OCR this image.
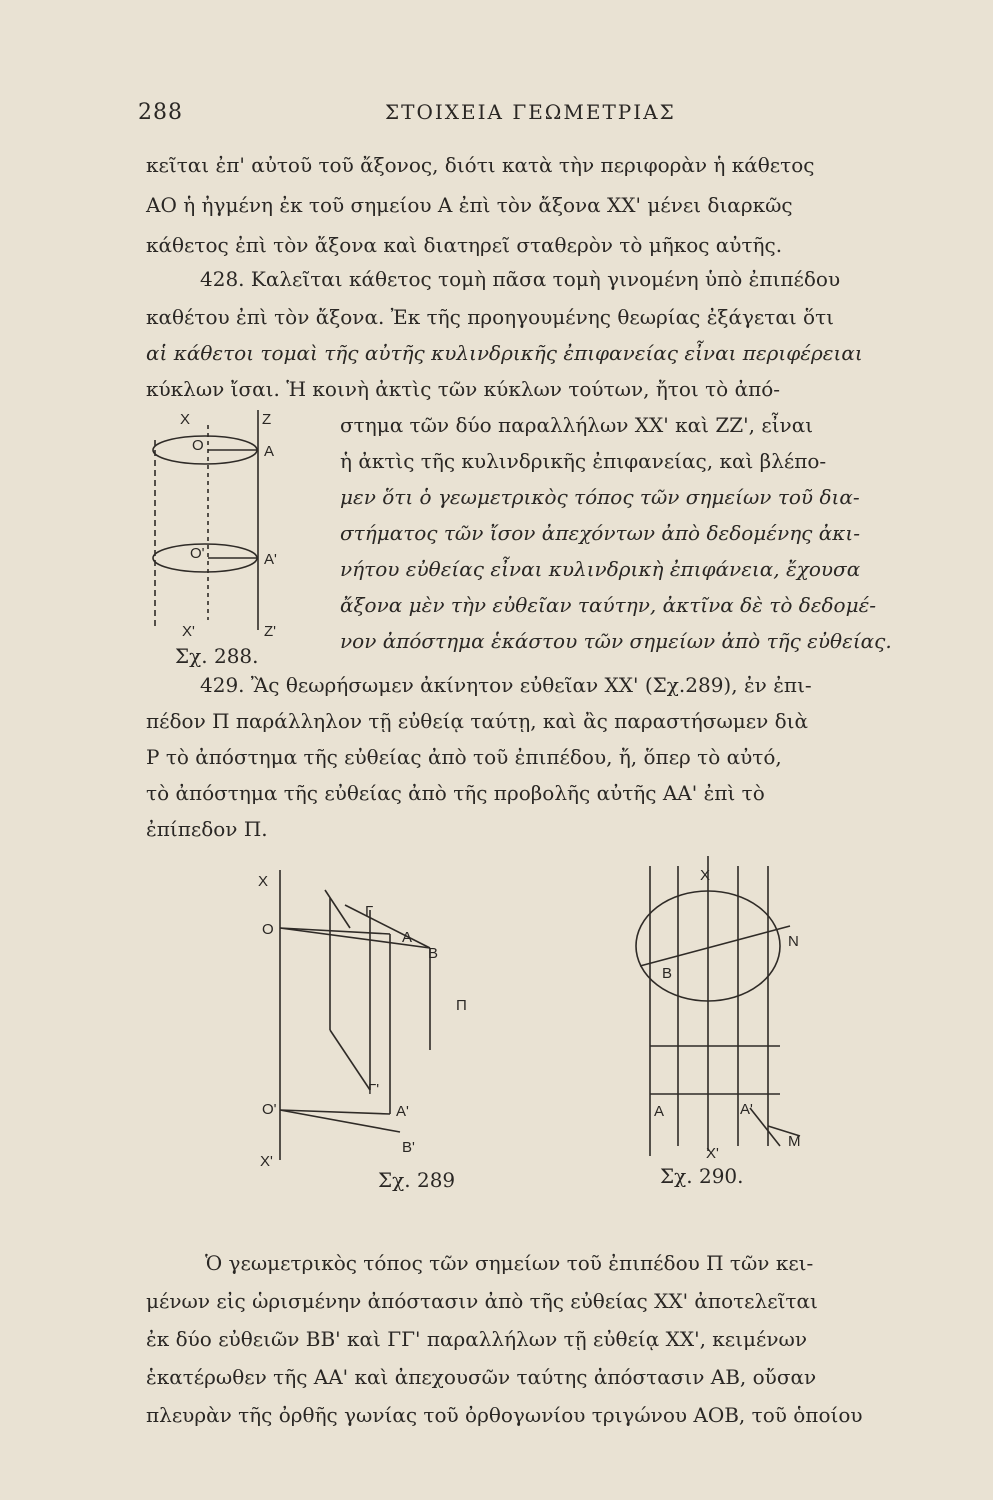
288	ΣΤΟΙΧΕΙΑ ΓΕΩΜΕΤΡΙΑΣ
κεῖται ἐπ' αὐτοῦ τοῦ ἄξονος, διότι κατὰ τὴν περιφορὰν ἡ κάθετος
ΑΟ ἡ ἠγμένη ἐκ τοῦ σημείου Α ἐπὶ τὸν ἄξονα ΧΧ' μένει διαρκῶς
κάθετος ἐπὶ τὸν ἄξονα καὶ διατηρεῖ σταθερὸν τὸ μῆκος αὐτῆς.
428. Καλεῖται κάθετος τομὴ πᾶσα τομὴ γινομένη ὑπὸ ἐπιπέδου
καθέτου ἐπὶ τὸν ἄξονα. Ἐκ τῆς προηγουμένης θεωρίας ἐξάγεται ὅτι
αἱ κάθετοι τομαὶ τῆς αὐτῆς κυλινδρικῆς ἐπιφανείας εἶναι περιφέρειαι
κύκλων ἴσαι. Ἡ κοινὴ ἀκτὶς τῶν κύκλων τούτων, ἤτοι τὸ ἀπό-
στημα τῶν δύο παραλλήλων ΧΧ' καὶ ΖΖ', εἶναι
ἡ ἀκτὶς τῆς κυλινδρικῆς ἐπιφανείας, καὶ βλέπο-
μεν ὅτι ὁ γεωμετρικὸς τόπος τῶν σημείων τοῦ δια-
στήματος τῶν ἴσον ἀπεχόντων ἀπὸ δεδομένης ἀκι-
νήτου εὐθείας εἶναι κυλινδρικὴ ἐπιφάνεια, ἔχουσα
ἄξονα μὲν τὴν εὐθεῖαν ταύτην, ἀκτῖνα δὲ τὸ δεδομέ-
νον ἀπόστημα ἑκάστου τῶν σημείων ἀπὸ τῆς εὐθείας.
X	Z
O	A
O'	A'
X'	Z'
Σχ. 288.
429. Ἂς θεωρήσωμεν ἀκίνητον εὐθεῖαν ΧΧ' (Σχ.289), ἐν ἐπι-
πέδον Π παράλληλον τῇ εὐθείᾳ ταύτῃ, καὶ ἂς παραστήσωμεν διὰ
Ρ τὸ ἀπόστημα τῆς εὐθείας ἀπὸ τοῦ ἐπιπέδου, ἤ, ὅπερ τὸ αὐτό,
τὸ ἀπόστημα τῆς εὐθείας ἀπὸ τῆς προβολῆς αὐτῆς ΑΑ' ἐπὶ τὸ
ἐπίπεδον Π.
X
Γ
O	A
B
Π
Γ'
O'	A'
B'
X'
Σχ. 289
X
N
B
A	A'
X'
M
Σχ. 290.
Ὁ γεωμετρικὸς τόπος τῶν σημείων τοῦ ἐπιπέδου Π τῶν κει-
μένων εἰς ὡρισμένην ἀπόστασιν ἀπὸ τῆς εὐθείας ΧΧ' ἀποτελεῖται
ἐκ δύο εὐθειῶν ΒΒ' καὶ ΓΓ' παραλλήλων τῇ εὐθείᾳ ΧΧ', κειμένων
ἑκατέρωθεν τῆς ΑΑ' καὶ ἀπεχουσῶν ταύτης ἀπόστασιν ΑΒ, οὔσαν
πλευρὰν τῆς ὀρθῆς γωνίας τοῦ ὀρθογωνίου τριγώνου ΑΟΒ, τοῦ ὁποίου
